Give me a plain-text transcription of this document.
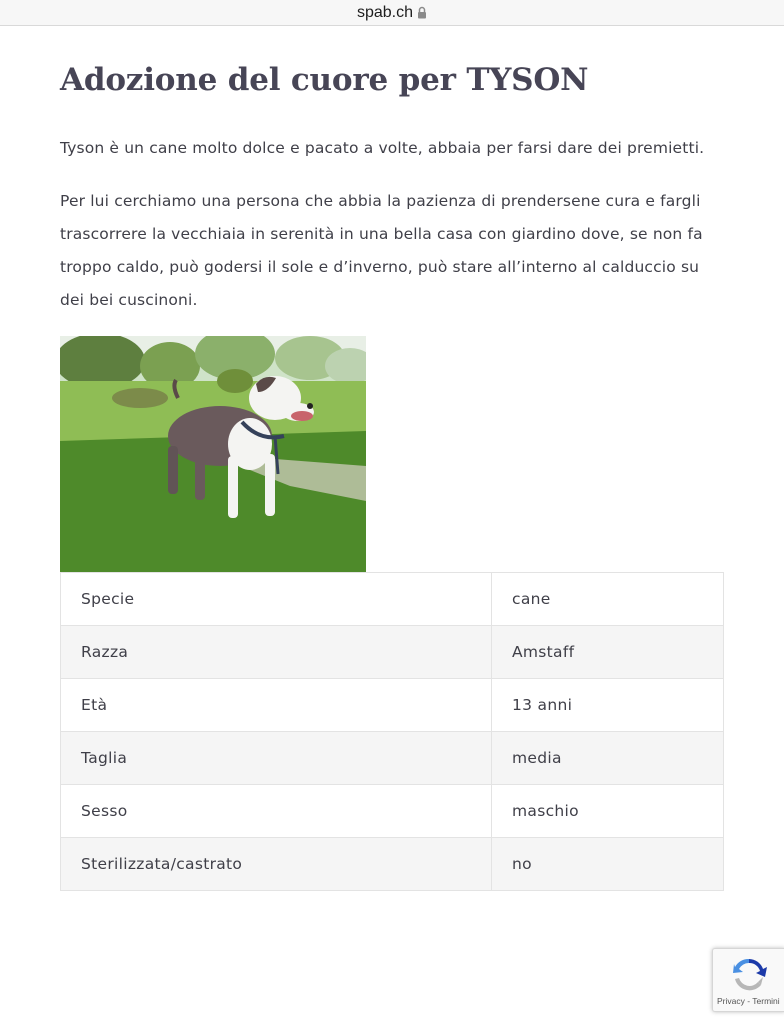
spab.ch
Adozione del cuore per TYSON

Tyson è un cane molto dolce e pacato a volte, abbaia per farsi dare dei premietti.

Per lui cerchiamo una persona che abbia la pazienza di prendersene cura e fargli trascorrere la vecchiaia in serenità in una bella casa con giardino dove, se non fa troppo caldo, può godersi il sole e d’inverno, può stare all’interno al calduccio su dei bei cuscinoni.

Specie	cane
Razza	Amstaff
Età	13 anni
Taglia	media
Sesso	maschio
Sterilizzata/castrato	no
Privacy - Termini
